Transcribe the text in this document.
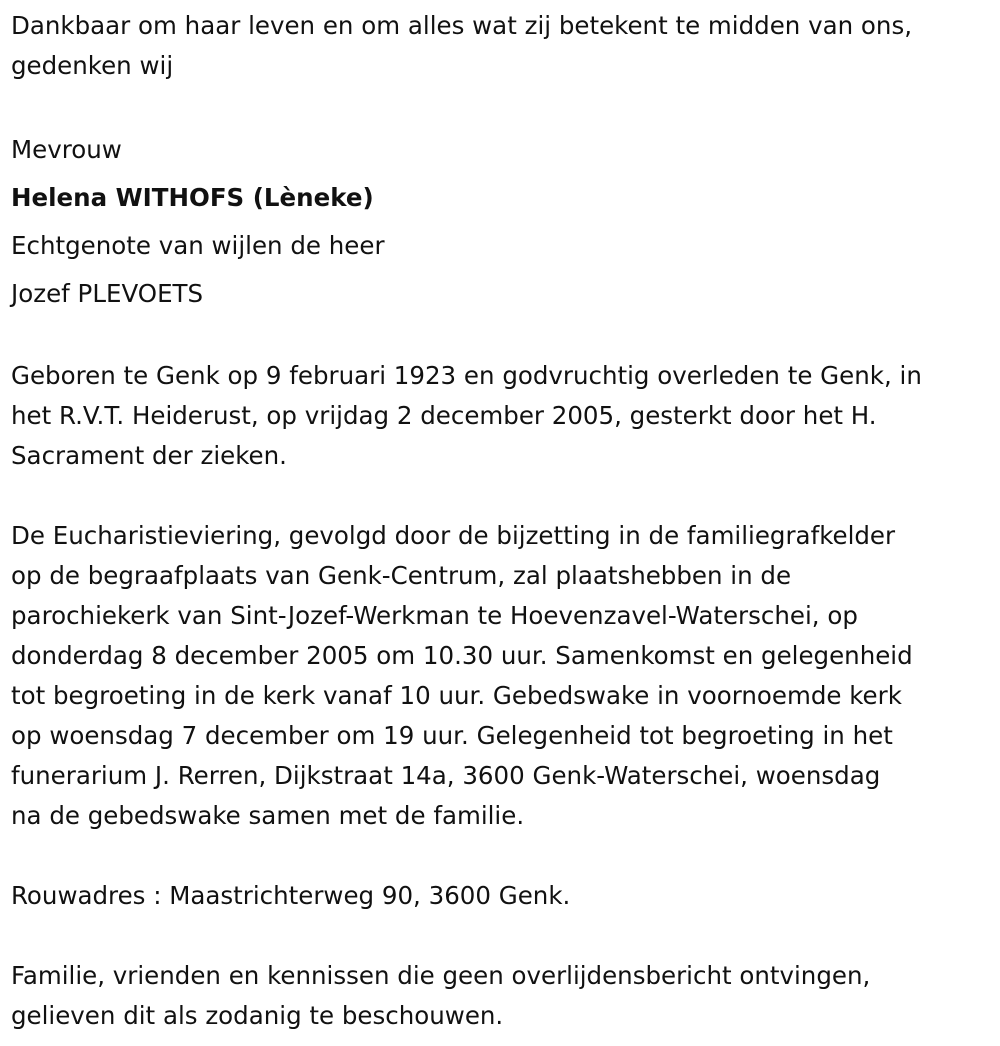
Dankbaar om haar leven en om alles wat zij betekent te midden van ons,
gedenken wij
Mevrouw
Helena WITHOFS (Lèneke)
Echtgenote van wijlen de heer
Jozef PLEVOETS
Geboren te Genk op 9 februari 1923 en godvruchtig overleden te Genk, in
het R.V.T. Heiderust, op vrijdag 2 december 2005, gesterkt door het H.
Sacrament der zieken.
De Eucharistieviering, gevolgd door de bijzetting in de familiegrafkelder
op de begraafplaats van Genk-Centrum, zal plaatshebben in de
parochiekerk van Sint-Jozef-Werkman te Hoevenzavel-Waterschei, op
donderdag 8 december 2005 om 10.30 uur. Samenkomst en gelegenheid
tot begroeting in de kerk vanaf 10 uur. Gebedswake in voornoemde kerk
op woensdag 7 december om 19 uur. Gelegenheid tot begroeting in het
funerarium J. Rerren, Dijkstraat 14a, 3600 Genk-Waterschei, woensdag
na de gebedswake samen met de familie.
Rouwadres : Maastrichterweg 90, 3600 Genk.
Familie, vrienden en kennissen die geen overlijdensbericht ontvingen,
gelieven dit als zodanig te beschouwen.
